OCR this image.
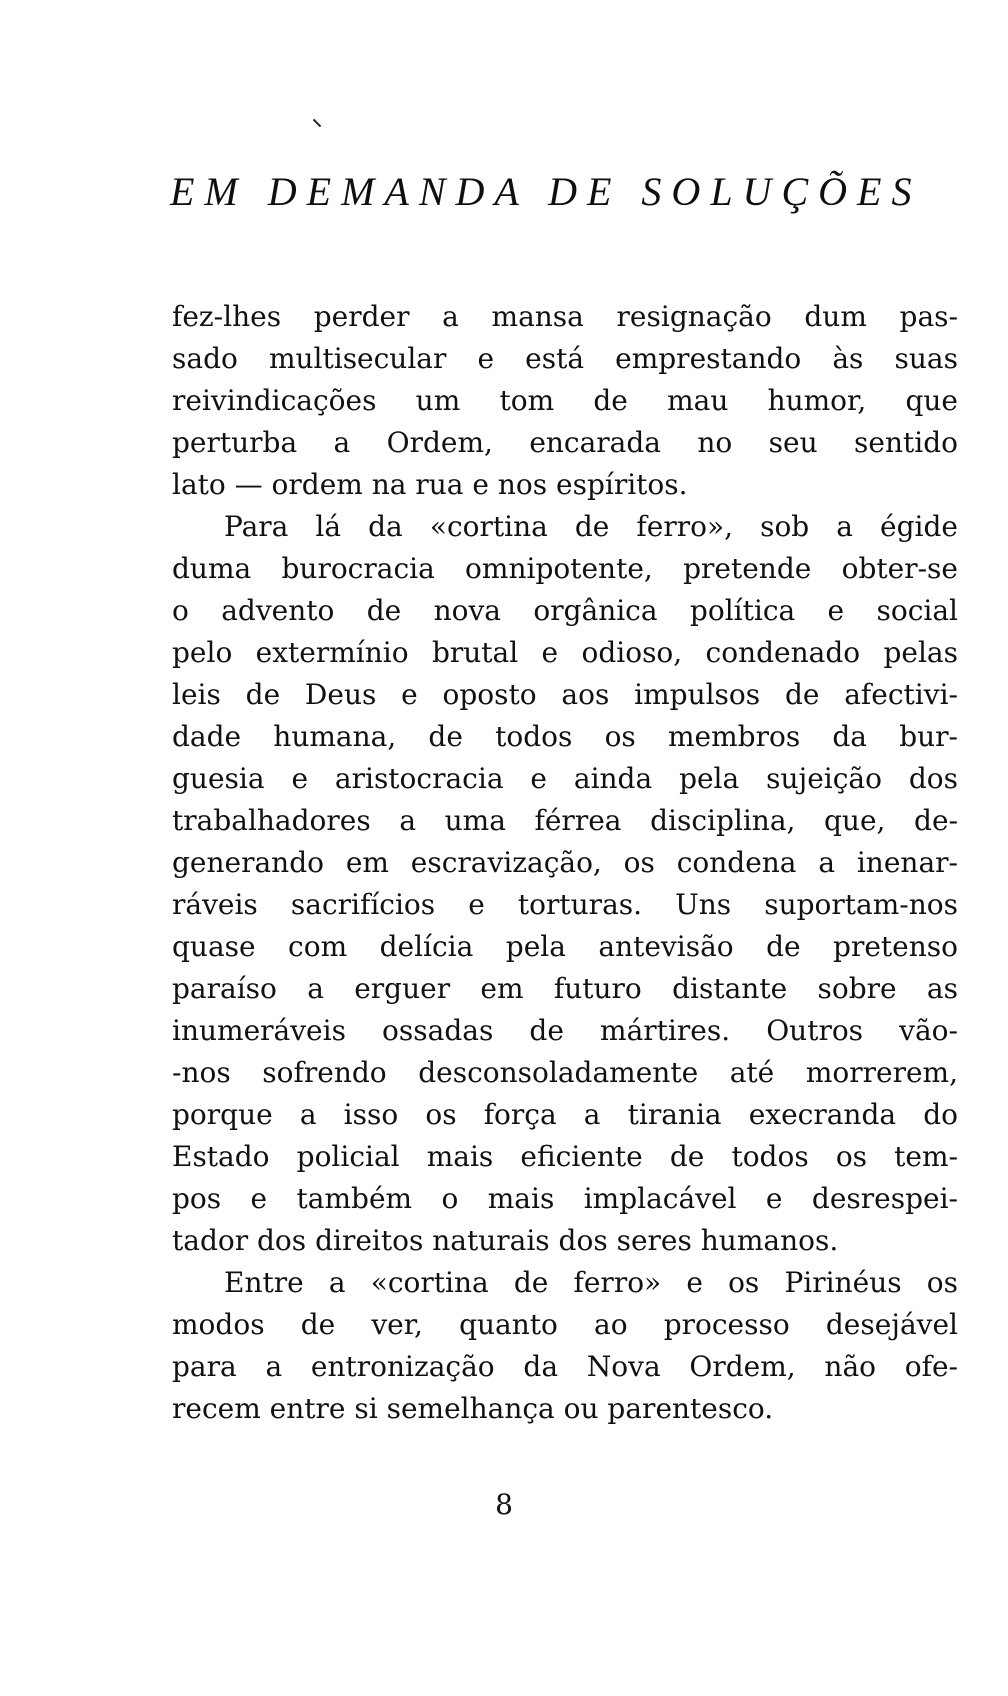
EM DEMANDA DE SOLUÇÕES
fez-lhes perder a mansa resignação dum pas-
sado multisecular e está emprestando às suas
reivindicações um tom de mau humor, que
perturba a Ordem, encarada no seu sentido
lato — ordem na rua e nos espíritos.
Para lá da «cortina de ferro», sob a égide
duma burocracia omnipotente, pretende obter-se
o advento de nova orgânica política e social
pelo extermínio brutal e odioso, condenado pelas
leis de Deus e oposto aos impulsos de afectivi-
dade humana, de todos os membros da bur-
guesia e aristocracia e ainda pela sujeição dos
trabalhadores a uma férrea disciplina, que, de-
generando em escravização, os condena a inenar-
ráveis sacrifícios e torturas. Uns suportam-nos
quase com delícia pela antevisão de pretenso
paraíso a erguer em futuro distante sobre as
inumeráveis ossadas de mártires. Outros vão-
-nos sofrendo desconsoladamente até morrerem,
porque a isso os força a tirania execranda do
Estado policial mais eficiente de todos os tem-
pos e também o mais implacável e desrespei-
tador dos direitos naturais dos seres humanos.
Entre a «cortina de ferro» e os Pirinéus os
modos de ver, quanto ao processo desejável
para a entronização da Nova Ordem, não ofe-
recem entre si semelhança ou parentesco.
8
